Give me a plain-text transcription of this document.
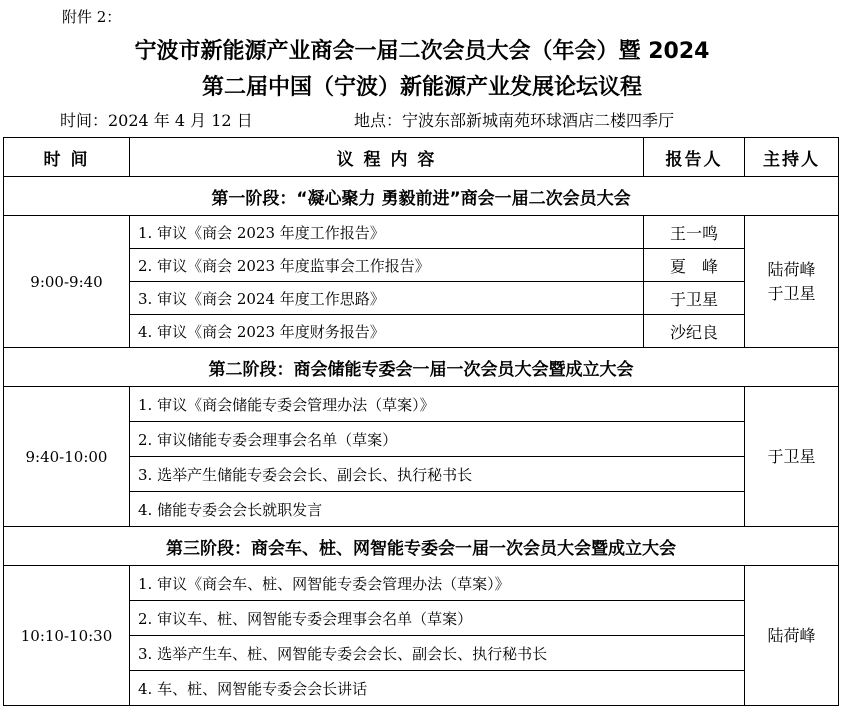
附件 2：
宁波市新能源产业商会一届二次会员大会（年会）暨 2024
第二届中国（宁波）新能源产业发展论坛议程
时间：2024 年 4 月 12 日	地点：宁波东部新城南苑环球酒店二楼四季厅
时 间	议 程 内 容	报告人	主持人
第一阶段：“凝心聚力 勇毅前进”商会一届二次会员大会			
9:00-9:40	1. 审议《商会 2023 年度工作报告》	王一鸣	陆荷峰
于卫星

	2. 审议《商会 2023 年度监事会工作报告》	夏　峰	
	3. 审议《商会 2024 年度工作思路》	于卫星	
	4. 审议《商会 2023 年度财务报告》	沙纪良	
第二阶段：商会储能专委会一届一次会员大会暨成立大会			
9:40-10:00	1. 审议《商会储能专委会管理办法（草案）》		于卫星

	2. 审议储能专委会理事会名单（草案）		
	3. 选举产生储能专委会会长、副会长、执行秘书长		
	4. 储能专委会会长就职发言		
第三阶段：商会车、桩、网智能专委会一届一次会员大会暨成立大会			
10:10-10:30	1. 审议《商会车、桩、网智能专委会管理办法（草案）》		陆荷峰

	2. 审议车、桩、网智能专委会理事会名单（草案）		
	3. 选举产生车、桩、网智能专委会会长、副会长、执行秘书长		
	4. 车、桩、网智能专委会会长讲话		
